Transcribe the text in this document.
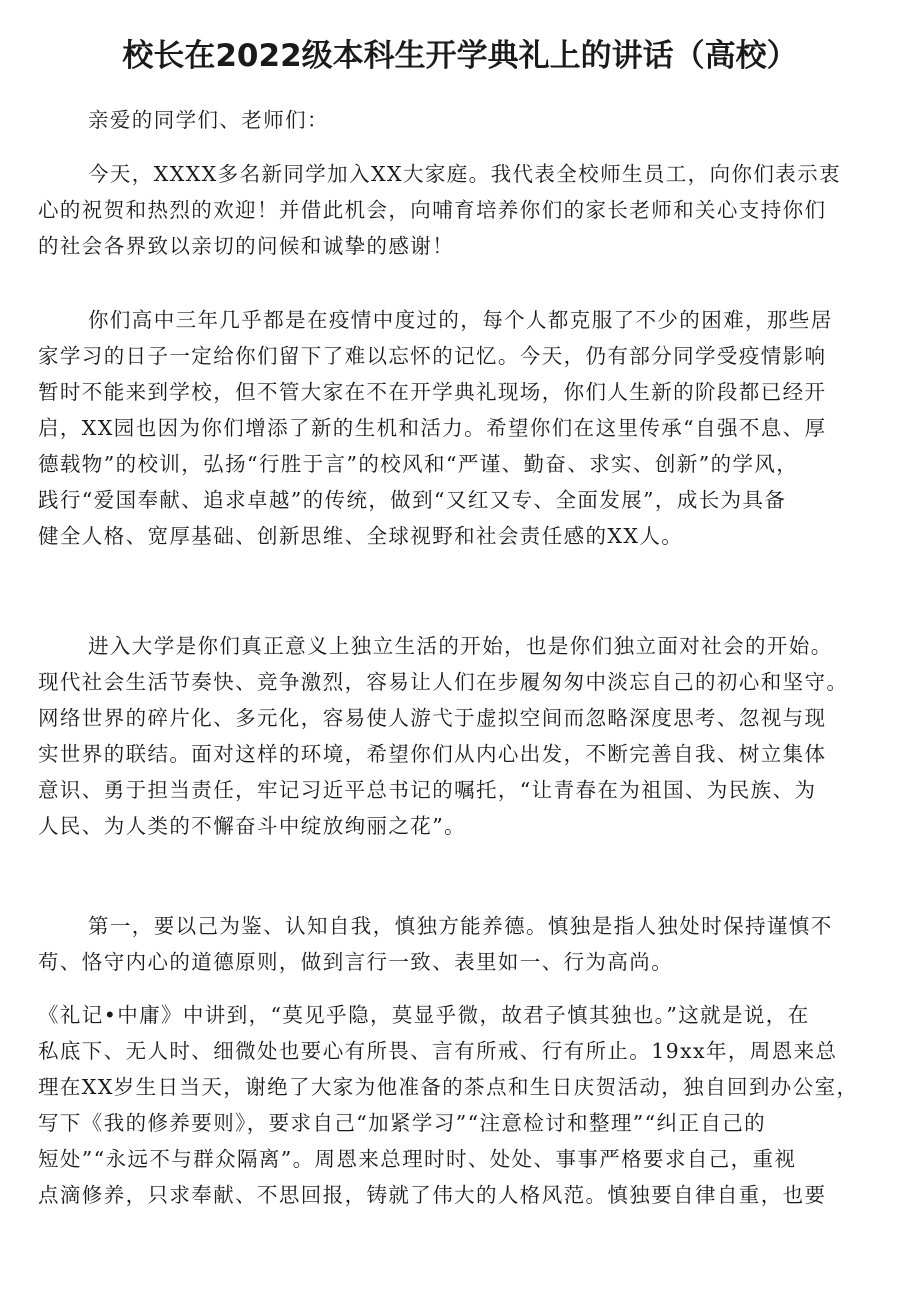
校长在2022级本科生开学典礼上的讲话（高校）
亲爱的同学们、老师们：
今天，XXXX多名新同学加入XX大家庭。我代表全校师生员工，向你们表示衷
心的祝贺和热烈的欢迎！并借此机会，向哺育培养你们的家长老师和关心支持你们
的社会各界致以亲切的问候和诚挚的感谢！
你们高中三年几乎都是在疫情中度过的，每个人都克服了不少的困难，那些居
家学习的日子一定给你们留下了难以忘怀的记忆。今天，仍有部分同学受疫情影响
暂时不能来到学校，但不管大家在不在开学典礼现场，你们人生新的阶段都已经开
启，XX园也因为你们增添了新的生机和活力。希望你们在这里传承“自强不息、厚
德载物”的校训，弘扬“行胜于言”的校风和“严谨、勤奋、求实、创新”的学风，
践行“爱国奉献、追求卓越”的传统，做到“又红又专、全面发展”，成长为具备
健全人格、宽厚基础、创新思维、全球视野和社会责任感的XX人。
进入大学是你们真正意义上独立生活的开始，也是你们独立面对社会的开始。
现代社会生活节奏快、竞争激烈，容易让人们在步履匆匆中淡忘自己的初心和坚守。
网络世界的碎片化、多元化，容易使人游弋于虚拟空间而忽略深度思考、忽视与现
实世界的联结。面对这样的环境，希望你们从内心出发，不断完善自我、树立集体
意识、勇于担当责任，牢记习近平总书记的嘱托，“让青春在为祖国、为民族、为
人民、为人类的不懈奋斗中绽放绚丽之花”。
第一，要以己为鉴、认知自我，慎独方能养德。慎独是指人独处时保持谨慎不
苟、恪守内心的道德原则，做到言行一致、表里如一、行为高尚。
《礼记•中庸》中讲到，“莫见乎隐，莫显乎微，故君子慎其独也。”这就是说，在
私底下、无人时、细微处也要心有所畏、言有所戒、行有所止。19xx年，周恩来总
理在XX岁生日当天，谢绝了大家为他准备的茶点和生日庆贺活动，独自回到办公室，
写下《我的修养要则》，要求自己“加紧学习”“注意检讨和整理”“纠正自己的
短处”“永远不与群众隔离”。周恩来总理时时、处处、事事严格要求自己，重视
点滴修养，只求奉献、不思回报，铸就了伟大的人格风范。慎独要自律自重，也要
